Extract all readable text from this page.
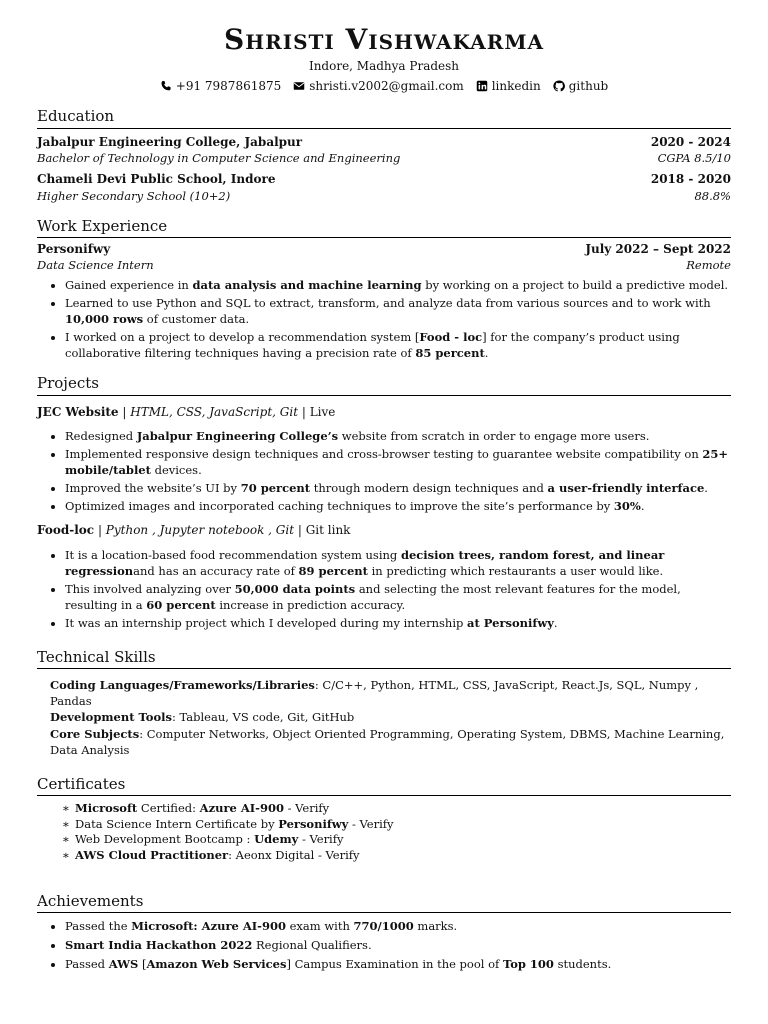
Shristi Vishwakarma
Indore, Madhya Pradesh
+91 7987861875 shristi.v2002@gmail.com linkedin github
Education
Jabalpur Engineering College, Jabalpur	2020 - 2024
Bachelor of Technology in Computer Science and Engineering	CGPA 8.5/10
Chameli Devi Public School, Indore	2018 - 2020
Higher Secondary School (10+2)	88.8%
Work Experience
Personifwy	July 2022 – Sept 2022
Data Science Intern	Remote
• Gained experience in data analysis and machine learning by working on a project to build a predictive model.
• Learned to use Python and SQL to extract, transform, and analyze data from various sources and to work with 10,000 rows of customer data.
• I worked on a project to develop a recommendation system [Food - loc] for the company’s product using collaborative filtering techniques having a precision rate of 85 percent.
Projects
JEC Website | HTML, CSS, JavaScript, Git | Live
• Redesigned Jabalpur Engineering College’s website from scratch in order to engage more users.
• Implemented responsive design techniques and cross-browser testing to guarantee website compatibility on 25+ mobile/tablet devices.
• Improved the website’s UI by 70 percent through modern design techniques and a user-friendly interface.
• Optimized images and incorporated caching techniques to improve the site’s performance by 30%.
Food-loc | Python , Jupyter notebook , Git | Git link
• It is a location-based food recommendation system using decision trees, random forest, and linear regressionand has an accuracy rate of 89 percent in predicting which restaurants a user would like.
• This involved analyzing over 50,000 data points and selecting the most relevant features for the model, resulting in a 60 percent increase in prediction accuracy.
• It was an internship project which I developed during my internship at Personifwy.
Technical Skills
Coding Languages/Frameworks/Libraries: C/C++, Python, HTML, CSS, JavaScript, React.Js, SQL, Numpy , Pandas
Development Tools: Tableau, VS code, Git, GitHub
Core Subjects: Computer Networks, Object Oriented Programming, Operating System, DBMS, Machine Learning, Data Analysis
Certificates
∗ Microsoft Certified: Azure AI-900 - Verify
∗ Data Science Intern Certificate by Personifwy - Verify
∗ Web Development Bootcamp : Udemy - Verify
∗ AWS Cloud Practitioner: Aeonx Digital - Verify
Achievements
• Passed the Microsoft: Azure AI-900 exam with 770/1000 marks.
• Smart India Hackathon 2022 Regional Qualifiers.
• Passed AWS [Amazon Web Services] Campus Examination in the pool of Top 100 students.
